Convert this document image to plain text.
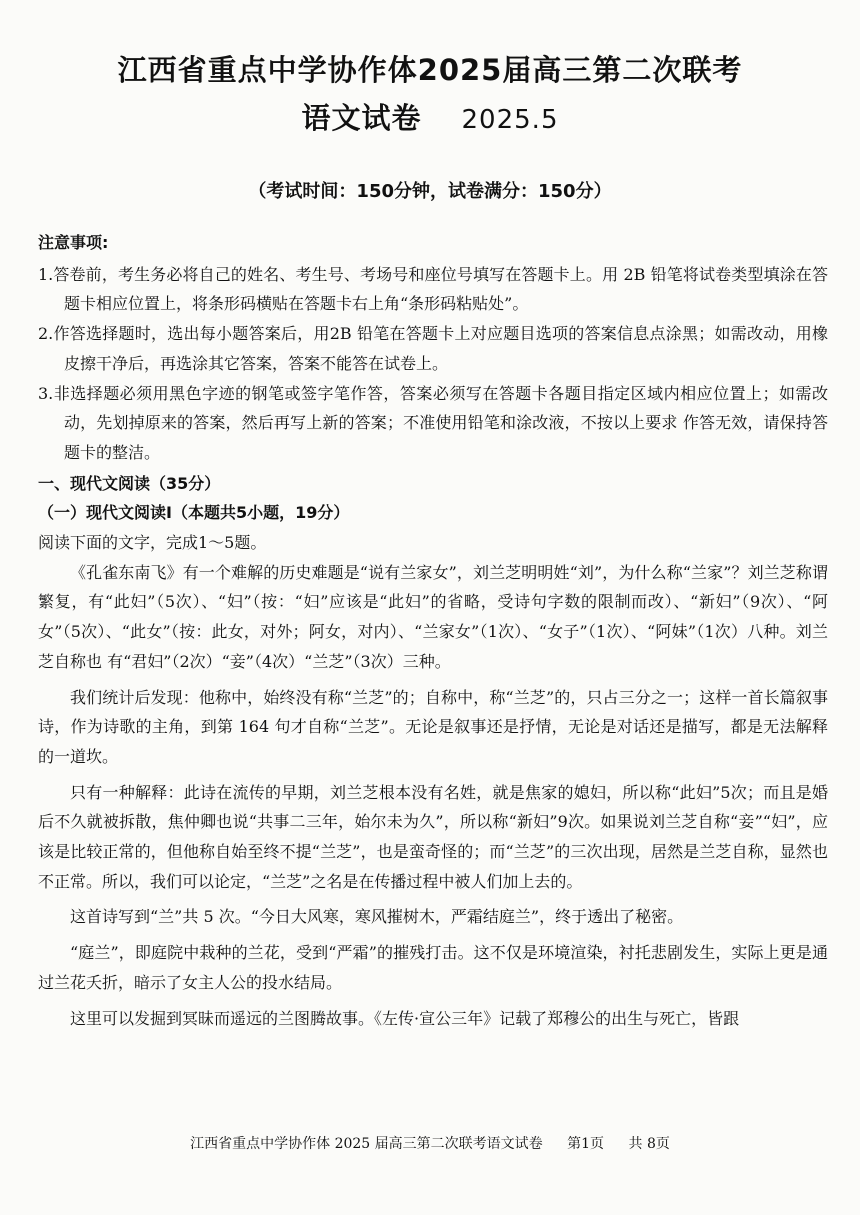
江西省重点中学协作体2025届高三第二次联考
语文试卷 2025.5
（考试时间：150分钟，试卷满分：150分）
注意事项:
1.答卷前，考生务必将自己的姓名、考生号、考场号和座位号填写在答题卡上。用 2B 铅笔将试卷类型填涂在答题卡相应位置上，将条形码横贴在答题卡右上角“条形码粘贴处”。
2.作答选择题时，选出每小题答案后，用2B 铅笔在答题卡上对应题目选项的答案信息点涂黑；如需改动，用橡皮擦干净后，再选涂其它答案，答案不能答在试卷上。
3.非选择题必须用黑色字迹的钢笔或签字笔作答，答案必须写在答题卡各题目指定区域内相应位置上；如需改动，先划掉原来的答案，然后再写上新的答案；不准使用铅笔和涂改液，不按以上要求 作答无效，请保持答题卡的整洁。
一、现代文阅读（35分）
（一）现代文阅读Ⅰ（本题共5小题，19分）
阅读下面的文字，完成1～5题。
《孔雀东南飞》有一个难解的历史难题是“说有兰家女”，刘兰芝明明姓“刘”，为什么称“兰家”？刘兰芝称谓繁复，有“此妇”（5次）、“妇”（按：“妇”应该是“此妇”的省略，受诗句字数的限制而改）、“新妇”（9次）、“阿女”（5次）、“此女”（按：此女，对外；阿女，对内）、“兰家女”（1次）、“女子”（1次）、“阿妹”（1次）八种。刘兰芝自称也 有“君妇”（2次）“妾”（4次）“兰芝”（3次）三种。
我们统计后发现：他称中，始终没有称“兰芝”的；自称中，称“兰芝”的，只占三分之一；这样一首长篇叙事诗，作为诗歌的主角，到第 164 句才自称“兰芝”。无论是叙事还是抒情，无论是对话还是描写，都是无法解释的一道坎。
只有一种解释：此诗在流传的早期，刘兰芝根本没有名姓，就是焦家的媳妇，所以称“此妇”5次；而且是婚后不久就被拆散，焦仲卿也说“共事二三年，始尔未为久”，所以称“新妇”9次。如果说刘兰芝自称“妾”“妇”，应该是比较正常的，但他称自始至终不提“兰芝”，也是蛮奇怪的；而“兰芝”的三次出现，居然是兰芝自称，显然也不正常。所以，我们可以论定，“兰芝”之名是在传播过程中被人们加上去的。
这首诗写到“兰”共 5 次。“今日大风寒，寒风摧树木，严霜结庭兰”，终于透出了秘密。
“庭兰”，即庭院中栽种的兰花，受到“严霜”的摧残打击。这不仅是环境渲染，衬托悲剧发生，实际上更是通过兰花夭折，暗示了女主人公的投水结局。
这里可以发掘到冥昧而遥远的兰图腾故事。《左传·宣公三年》记载了郑穆公的出生与死亡，皆跟
江西省重点中学协作体 2025 届高三第二次联考语文试卷 第1页 共 8页
